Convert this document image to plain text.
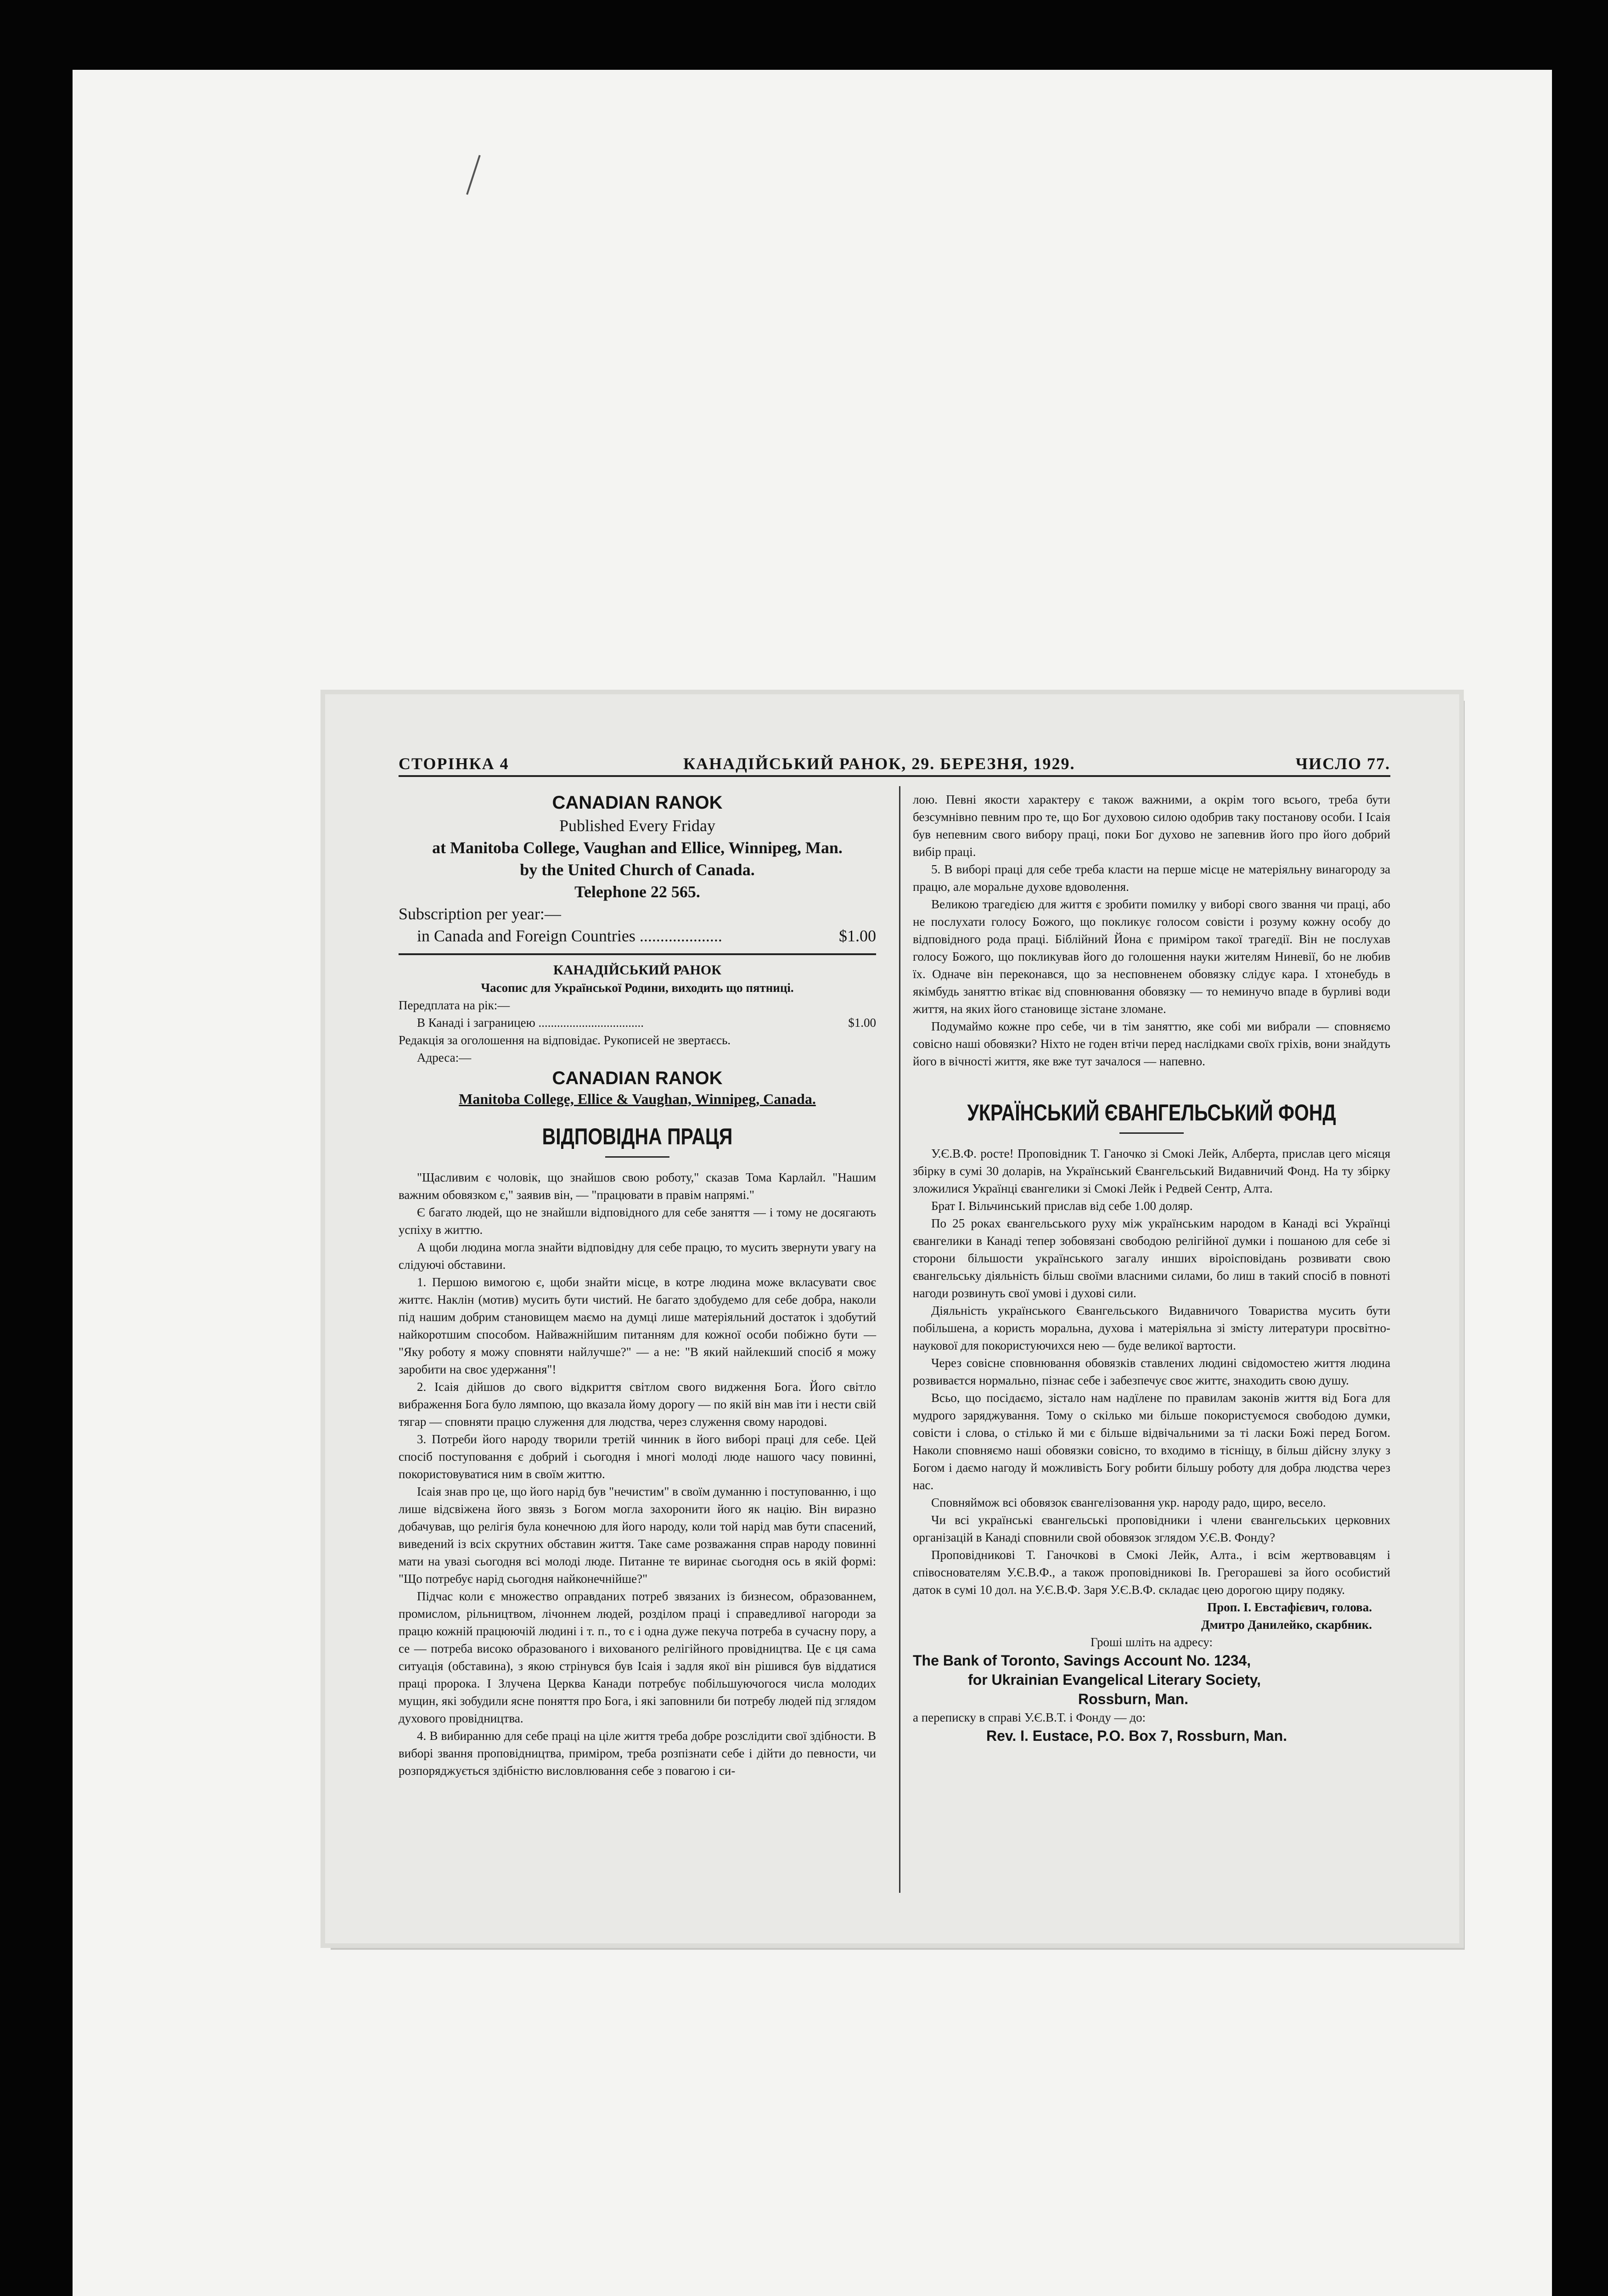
СТОРІНКА 4	КАНАДІЙСЬКИЙ РАНОК, 29. БЕРЕЗНЯ, 1929.	ЧИСЛО 77.
CANADIAN RANOK
Published Every Friday
at Manitoba College, Vaughan and Ellice, Winnipeg, Man.
by the United Church of Canada.
Telephone 22 565.
Subscription per year:—
in Canada and Foreign Countries ....................	$1.00
КАНАДІЙСЬКИЙ РАНОК
Часопис для Української Родини, виходить що пятниці.
Передплата на рік:—
В Канаді і заграницею ..................................	$1.00
Редакція за оголошення на відповідає. Рукописей не звертаєсь.
Адреса:—
CANADIAN RANOK
Manitoba College, Ellice & Vaughan, Winnipeg, Canada.
ВІДПОВІДНА ПРАЦЯ

"Щасливим є чоловік, що знайшов свою роботу," сказав Тома Карлайл. "Нашим важним обовязком є," заявив він, — "працювати в правім напрямі."

Є багато людей, що не знайшли відповідного для себе заняття — і тому не досягають успіху в життю.

А щоби людина могла знайти відповідну для себе працю, то мусить звернути увагу на слідуючі обставини.

1. Першою вимогою є, щоби знайти місце, в котре людина може вкласувати своє життє. Наклін (мотив) мусить бути чистий. Не багато здобудемо для себе добра, наколи під нашим добрим становищем маємо на думці лише матеріяльний достаток і здобутий найкоротшим способом. Найважнійшим питанням для кожної особи побіжно бути — "Яку роботу я можу сповняти найлучше?" — а не: "В який найлекший спосіб я можу заробити на своє удержання"!

2. Ісаія дійшов до свого відкриття світлом свого видження Бога. Його світло вибраження Бога було лямпою, що вказала йому дорогу — по якій він мав іти і нести свій тягар — сповняти працю служення для людства, через служення свому народові.

3. Потреби його народу творили третій чинник в його виборі праці для себе. Цей спосіб поступовання є добрий і сьогодня і многі молоді люде нашого часу повинні, покористовуватися ним в своїм життю.

Ісаія знав про це, що його нарід був "нечистим" в своїм думанню і поступованню, і що лише відсвіжена його звязь з Богом могла захоронити його як націю. Він виразно добачував, що релігія була конечною для його народу, коли той нарід мав бути спасений, виведений із всіх скрутних обставин життя. Таке саме розважання справ народу повинні мати на увазі сьогодня всі молоді люде. Питанне те виринає сьогодня ось в якій формі: "Що потребує нарід сьогодня найконечнійше?"

Підчас коли є множество оправданих потреб звязаних із бизнесом, образованнем, промислом, рільництвом, лічоннем людей, розділом праці і справедливої нагороди за працю кожній працюючій людині і т. п., то є і одна дуже пекуча потреба в сучасну пору, а се — потреба високо образованого і вихованого релігійного провідництва. Це є ця сама ситуація (обставина), з якою стрінувся був Ісаія і задля якої він рішився був віддатися праці пророка. І Злучена Церква Канади потребує побільшуючогося числа молодих мущин, які зобудили ясне поняття про Бога, і які заповнили би потребу людей під зглядом духового провідництва.

4. В вибиранню для себе праці на ціле життя треба добре розслідити свої здібности. В виборі звання проповідництва, приміром, треба розпізнати себе і дійти до певности, чи розпоряджується здібністю висловлювання себе з повагою і си-

лою. Певні якости характеру є також важними, а окрім того всього, треба бути безсумнівно певним про те, що Бог духовою силою одобрив таку постанову особи. І Ісаія був непевним свого вибору праці, поки Бог духово не запевнив його про його добрий вибір праці.

5. В виборі праці для себе треба класти на перше місце не матеріяльну винагороду за працю, але моральне духове вдоволення.

Великою трагедією для життя є зробити помилку у виборі свого звання чи праці, або не послухати голосу Божого, що покликує голосом совісти і розуму кожну особу до відповідного рода праці. Біблійний Йона є приміром такої трагедії. Він не послухав голосу Божого, що покликував його до голошення науки жителям Ниневії, бо не любив їх. Одначе він переконався, що за несповненем обовязку слідує кара. І хтонебудь в якімбудь заняттю втікає від сповнювання обовязку — то неминучо впаде в бурливі води життя, на яких його становище зістане зломане.

Подумаймо кожне про себе, чи в тім заняттю, яке собі ми вибрали — сповняємо совісно наші обовязки? Ніхто не годен втічи перед наслідками своїх гріхів, вони знайдуть його в вічності життя, яке вже тут зачалося — напевно.

УКРАЇНСЬКИЙ ЄВАНГЕЛЬСЬКИЙ ФОНД

У.Є.В.Ф. росте! Проповідник Т. Ганочко зі Смокі Лейк, Алберта, прислав цего місяця збірку в сумі 30 доларів, на Український Євангельський Видавничий Фонд. На ту збірку зложилися Українці євангелики зі Смокі Лейк і Редвей Сентр, Алта.

Брат І. Вільчинський прислав від себе 1.00 доляр.

По 25 роках євангельського руху між українським народом в Канаді всі Українці євангелики в Канаді тепер зобовязані свободою релігійної думки і пошаною для себе зі сторони більшости українського загалу инших віроісповідань розвивати свою євангельську діяльність більш своїми власними силами, бо лиш в такий спосіб в повноті нагоди розвинуть свої умові і духові сили.

Діяльність українського Євангельського Видавничого Товариства мусить бути побільшена, а користь моральна, духова і матеріяльна зі змісту литератури просвітно-наукової для покористуючихся нею — буде великої вартости.

Через совісне сповнювання обовязків ставлених людині свідомостею життя людина розвиваєтся нормально, пізнає себе і забезпечує своє життє, знаходить свою душу.

Всьо, що посідаємо, зістало нам надїлене по правилам законів життя від Бога для мудрого заряджування. Тому о скілько ми більше покористуємося свободою думки, совісти і слова, о стілько й ми є більше відвічальними за ті ласки Божі перед Богом. Наколи сповняємо наші обовязки совісно, то входимо в тісніщу, в більш дійсну злуку з Богом і даємо нагоду й можливість Богу робити більшу роботу для добра людства через нас.

Сповняймож всі обовязок євангелізовання укр. народу радо, щиро, весело.

Чи всі українські євангельські проповідники і члени євангельських церковних організацій в Канаді сповнили свой обовязок зглядом У.Є.В. Фонду?

Проповідникові Т. Ганочкові в Смокі Лейк, Алта., і всім жертвовавцям і співоснователям У.Є.В.Ф., а також проповідникові Ів. Грегорашеві за його особистий даток в сумі 10 дол. на У.Є.В.Ф. Заря У.Є.В.Ф. складає цею дорогою щиру подяку.

Проп. І. Евстафієвич, голова.
Дмитро Данилейко, скарбник.
Гроші шліть на адресу:
The Bank of Toronto, Savings Account No. 1234,
for Ukrainian Evangelical Literary Society,
Rossburn, Man.
а переписку в справі У.Є.В.Т. і Фонду — до:
Rev. I. Eustace, P.O. Box 7, Rossburn, Man.
